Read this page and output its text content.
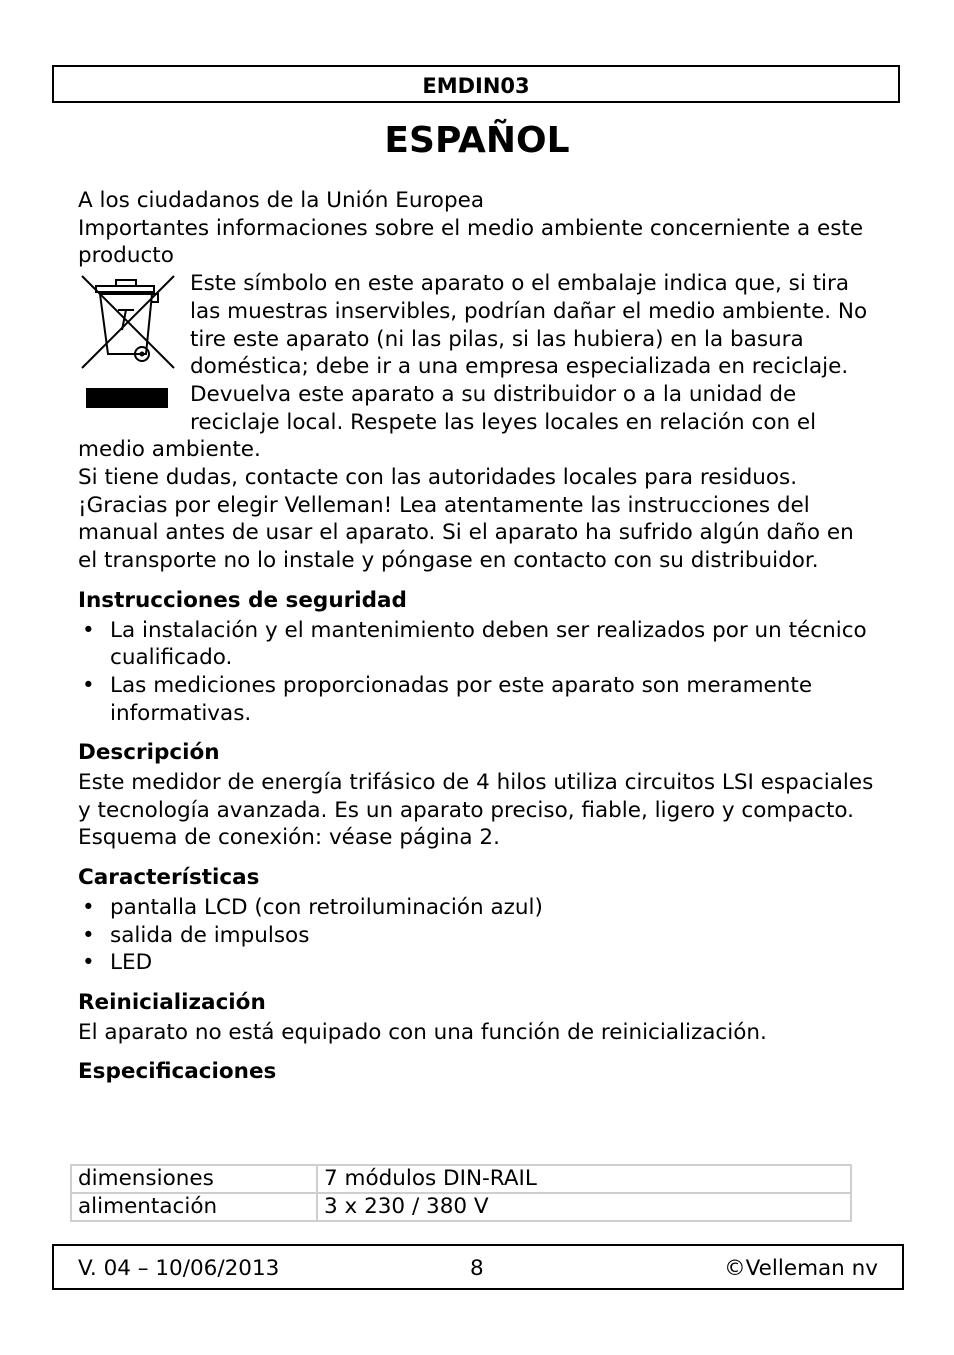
EMDIN03
ESPAÑOL

A los ciudadanos de la Unión Europea

Importantes informaciones sobre el medio ambiente concerniente a este producto

Este símbolo en este aparato o el embalaje indica que, si tira las muestras inservibles, podrían dañar el medio ambiente. No tire este aparato (ni las pilas, si las hubiera) en la basura doméstica; debe ir a una empresa especializada en reciclaje. Devuelva este aparato a su distribuidor o a la unidad de reciclaje local. Respete las leyes locales en relación con el medio ambiente.

Si tiene dudas, contacte con las autoridades locales para residuos.

¡Gracias por elegir Velleman! Lea atentamente las instrucciones del manual antes de usar el aparato. Si el aparato ha sufrido algún daño en el transporte no lo instale y póngase en contacto con su distribuidor.

Instrucciones de seguridad

• La instalación y el mantenimiento deben ser realizados por un técnico cualificado.
• Las mediciones proporcionadas por este aparato son meramente informativas.

Descripción

Este medidor de energía trifásico de 4 hilos utiliza circuitos LSI espaciales y tecnología avanzada. Es un aparato preciso, fiable, ligero y compacto.

Esquema de conexión: véase página 2.

Características

• pantalla LCD (con retroiluminación azul)
• salida de impulsos
• LED

Reinicialización

El aparato no está equipado con una función de reinicialización.

Especificaciones

dimensiones	7 módulos DIN-RAIL
alimentación	3 x 230 / 380 V
V. 04 – 10/06/2013	8	©Velleman nv
